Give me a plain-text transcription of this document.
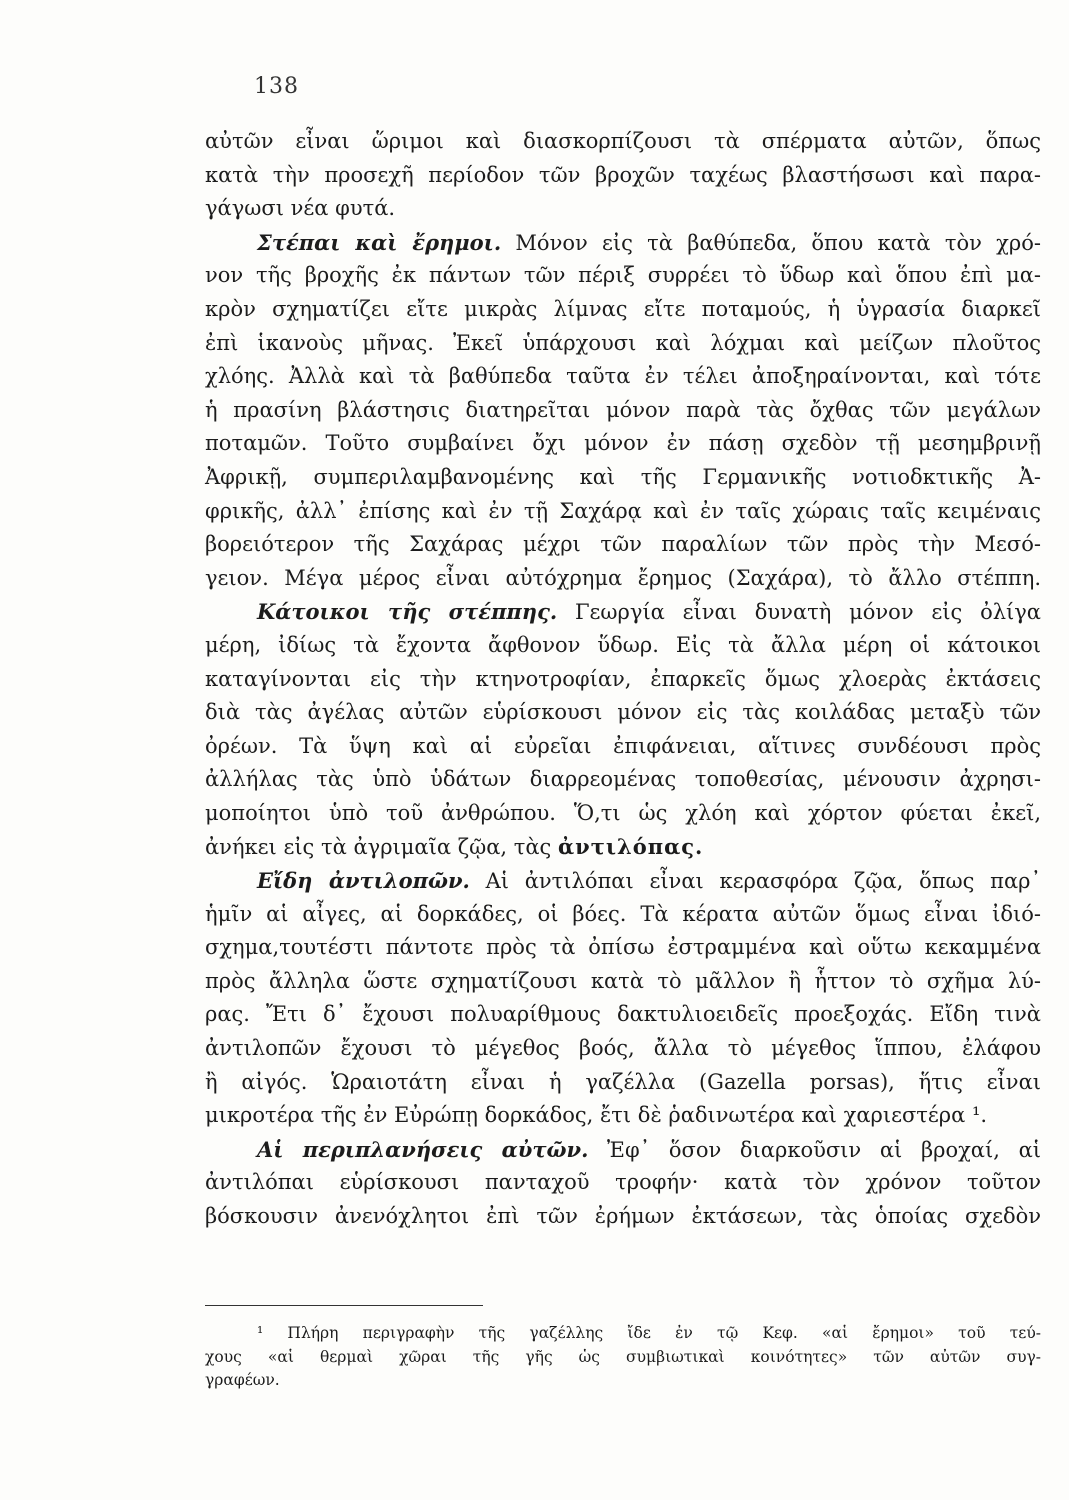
138
αὐτῶν εἶναι ὥριμοι καὶ διασκορπίζουσι τὰ σπέρματα αὐτῶν, ὅπως
κατὰ τὴν προσεχῆ περίοδον τῶν βροχῶν ταχέως βλαστήσωσι καὶ παρα-
γάγωσι νέα φυτά.
Στέπαι καὶ ἔρημοι. Μόνον εἰς τὰ βαθύπεδα, ὅπου κατὰ τὸν χρό-
νον τῆς βροχῆς ἐκ πάντων τῶν πέριξ συρρέει τὸ ὕδωρ καὶ ὅπου ἐπὶ μα-
κρὸν σχηματίζει εἴτε μικρὰς λίμνας εἴτε ποταμούς, ἡ ὑγρασία διαρκεῖ
ἐπὶ ἱκανοὺς μῆνας. Ἐκεῖ ὑπάρχουσι καὶ λόχμαι καὶ μείζων πλοῦτος
χλόης. Ἀλλὰ καὶ τὰ βαθύπεδα ταῦτα ἐν τέλει ἀποξηραίνονται, καὶ τότε
ἡ πρασίνη βλάστησις διατηρεῖται μόνον παρὰ τὰς ὄχθας τῶν μεγάλων
ποταμῶν. Τοῦτο συμβαίνει ὄχι μόνον ἐν πάσῃ σχεδὸν τῇ μεσημβρινῇ
Ἀφρικῇ, συμπεριλαμβανομένης καὶ τῆς Γερμανικῆς νοτιοδκτικῆς Ἀ-
φρικῆς, ἀλλ᾿ ἐπίσης καὶ ἐν τῇ Σαχάρᾳ καὶ ἐν ταῖς χώραις ταῖς κειμέναις
βορειότερον τῆς Σαχάρας μέχρι τῶν παραλίων τῶν πρὸς τὴν Μεσό-
γειον. Μέγα μέρος εἶναι αὐτόχρημα ἔρημος (Σαχάρα), τὸ ἄλλο στέππη.
Κάτοικοι τῆς στέππης. Γεωργία εἶναι δυνατὴ μόνον εἰς ὀλίγα
μέρη, ἰδίως τὰ ἔχοντα ἄφθονον ὕδωρ. Εἰς τὰ ἄλλα μέρη οἱ κάτοικοι
καταγίνονται εἰς τὴν κτηνοτροφίαν, ἐπαρκεῖς ὅμως χλοερὰς ἐκτάσεις
διὰ τὰς ἀγέλας αὐτῶν εὑρίσκουσι μόνον εἰς τὰς κοιλάδας μεταξὺ τῶν
ὀρέων. Τὰ ὕψη καὶ αἱ εὐρεῖαι ἐπιφάνειαι, αἵτινες συνδέουσι πρὸς
ἀλλήλας τὰς ὑπὸ ὑδάτων διαρρεομένας τοποθεσίας, μένουσιν ἀχρησι-
μοποίητοι ὑπὸ τοῦ ἀνθρώπου. Ὅ,τι ὡς χλόη καὶ χόρτον φύεται ἐκεῖ,
ἀνήκει εἰς τὰ ἀγριμαῖα ζῷα, τὰς ἀντιλόπας.
Εἴδη ἀντιλοπῶν. Αἱ ἀντιλόπαι εἶναι κερασφόρα ζῷα, ὅπως παρ᾿
ἡμῖν αἱ αἶγες, αἱ δορκάδες, οἱ βόες. Τὰ κέρατα αὐτῶν ὅμως εἶναι ἰδιό-
σχημα,τουτέστι πάντοτε πρὸς τὰ ὀπίσω ἐστραμμένα καὶ οὕτω κεκαμμένα
πρὸς ἄλληλα ὥστε σχηματίζουσι κατὰ τὸ μᾶλλον ἢ ἧττον τὸ σχῆμα λύ-
ρας. Ἔτι δ᾿ ἔχουσι πολυαρίθμους δακτυλιοειδεῖς προεξοχάς. Εἴδη τινὰ
ἀντιλοπῶν ἔχουσι τὸ μέγεθος βοός, ἄλλα τὸ μέγεθος ἵππου, ἐλάφου
ἢ αἰγός. Ὡραιοτάτη εἶναι ἡ γαζέλλα (Gazella porsas), ἥτις εἶναι
μικροτέρα τῆς ἐν Εὐρώπῃ δορκάδος, ἔτι δὲ ῥαδινωτέρα καὶ χαριεστέρα ¹.
Αἱ περιπλανήσεις αὐτῶν. Ἐφ᾿ ὅσον διαρκοῦσιν αἱ βροχαί, αἱ
ἀντιλόπαι εὑρίσκουσι πανταχοῦ τροφήν· κατὰ τὸν χρόνον τοῦτον
βόσκουσιν ἀνενόχλητοι ἐπὶ τῶν ἐρήμων ἐκτάσεων, τὰς ὁποίας σχεδὸν
¹ Πλήρη περιγραφὴν τῆς γαζέλλης ἴδε ἐν τῷ Κεφ. «αἱ ἔρημοι» τοῦ τεύ-
χους «αἱ θερμαὶ χῶραι τῆς γῆς ὡς συμβιωτικαὶ κοινότητες» τῶν αὐτῶν συγ-
γραφέων.
